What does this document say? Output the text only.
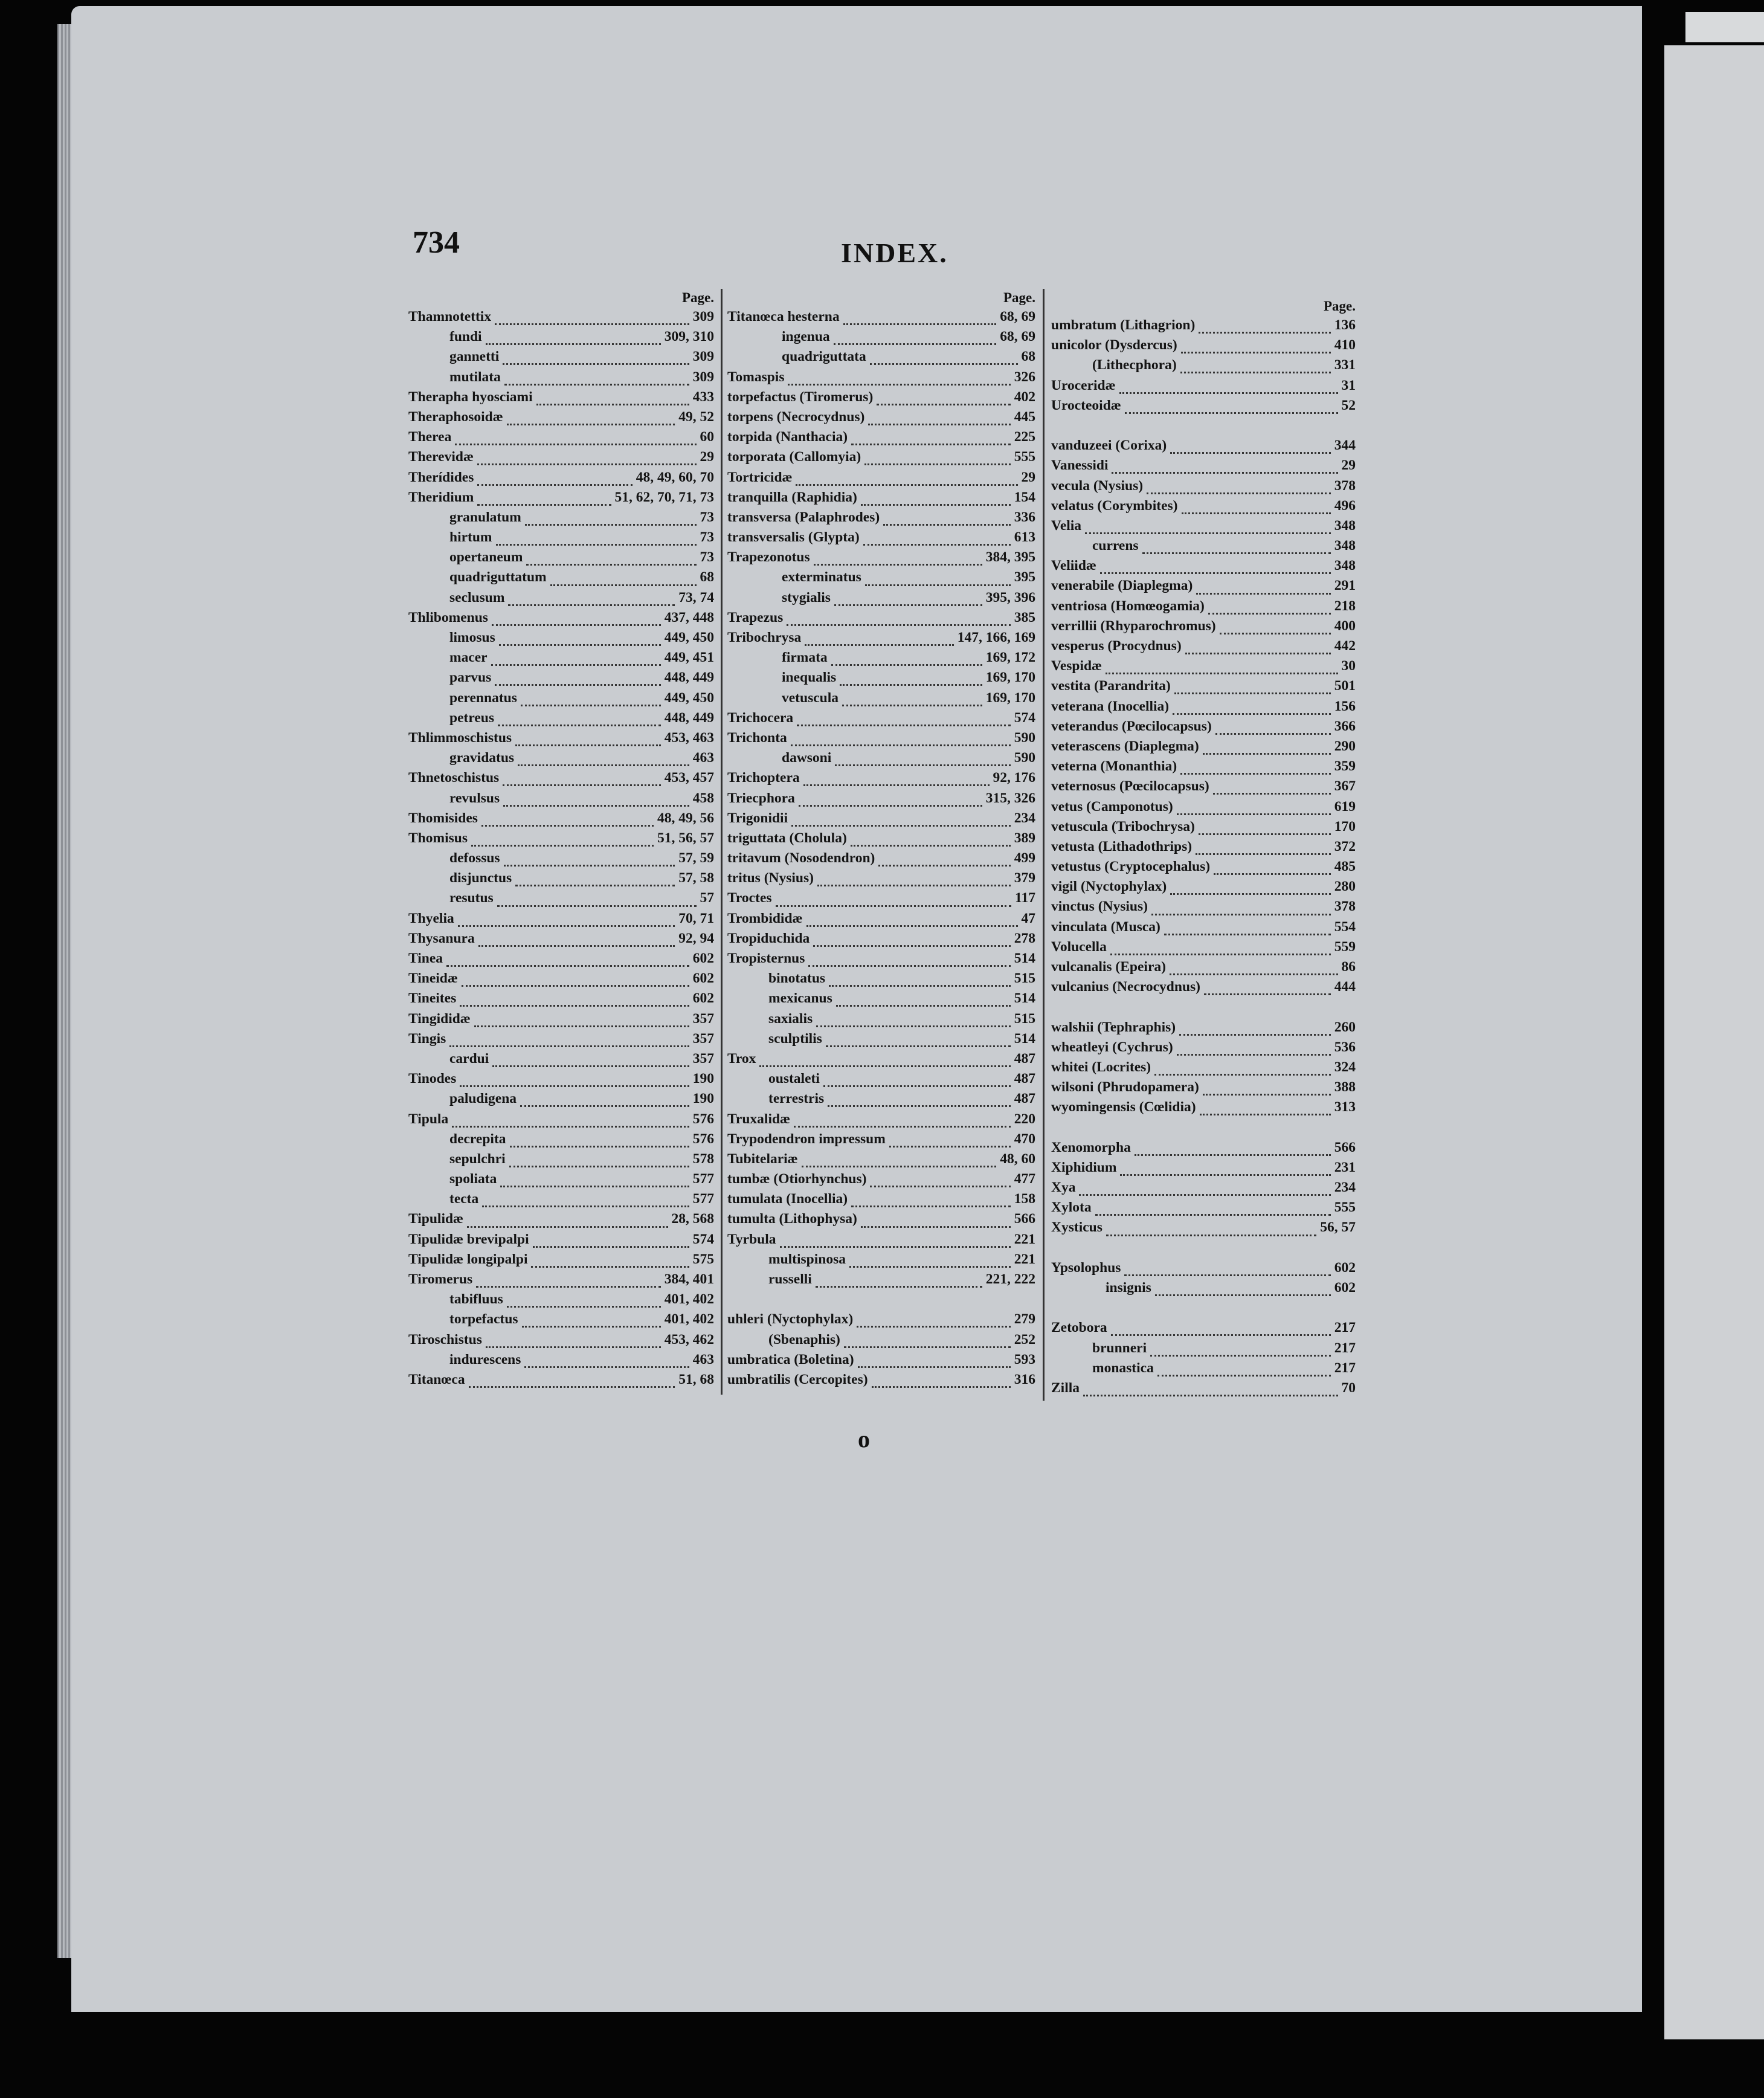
734	INDEX.
Page.
Thamnotettix	309
fundi	309, 310
gannetti	309
mutilata	309
Therapha hyosciami	433
Theraphosoidæ	49, 52
Therea	60
Therevidæ	29
Therídides	48, 49, 60, 70
Theridium	51, 62, 70, 71, 73
granulatum	73
hirtum	73
opertaneum	73
quadriguttatum	68
seclusum	73, 74
Thlibomenus	437, 448
limosus	449, 450
macer	449, 451
parvus	448, 449
perennatus	449, 450
petreus	448, 449
Thlimmoschistus	453, 463
gravidatus	463
Thnetoschistus	453, 457
revulsus	458
Thomisides	48, 49, 56
Thomisus	51, 56, 57
defossus	57, 59
disjunctus	57, 58
resutus	57
Thyelia	70, 71
Thysanura	92, 94
Tinea	602
Tineidæ	602
Tineites	602
Tingididæ	357
Tingis	357
cardui	357
Tinodes	190
paludigena	190
Tipula	576
decrepita	576
sepulchri	578
spoliata	577
tecta	577
Tipulidæ	28, 568
Tipulidæ brevipalpi	574
Tipulidæ longipalpi	575
Tiromerus	384, 401
tabifluus	401, 402
torpefactus	401, 402
Tiroschistus	453, 462
indurescens	463
Titanœca	51, 68
Page.
Titanœca hesterna	68, 69
ingenua	68, 69
quadriguttata	68
Tomaspis	326
torpefactus (Tiromerus)	402
torpens (Necrocydnus)	445
torpida (Nanthacia)	225
torporata (Callomyia)	555
Tortricidæ	29
tranquilla (Raphidia)	154
transversa (Palaphrodes)	336
transversalis (Glypta)	613
Trapezonotus	384, 395
exterminatus	395
stygialis	395, 396
Trapezus	385
Tribochrysa	147, 166, 169
firmata	169, 172
inequalis	169, 170
vetuscula	169, 170
Trichocera	574
Trichonta	590
dawsoni	590
Trichoptera	92, 176
Triecphora	315, 326
Trigonidii	234
triguttata (Cholula)	389
tritavum (Nosodendron)	499
tritus (Nysius)	379
Troctes	117
Trombididæ	47
Tropiduchida	278
Tropisternus	514
binotatus	515
mexicanus	514
saxialis	515
sculptilis	514
Trox	487
oustaleti	487
terrestris	487
Truxalidæ	220
Trypodendron impressum	470
Tubitelariæ	48, 60
tumbæ (Otiorhynchus)	477
tumulata (Inocellia)	158
tumulta (Lithophysa)	566
Tyrbula	221
multispinosa	221
russelli	221, 222
uhleri (Nyctophylax)	279
(Sbenaphis)	252
umbratica (Boletina)	593
umbratilis (Cercopites)	316
Page.
umbratum (Lithagrion)	136
unicolor (Dysdercus)	410
(Lithecphora)	331
Uroceridæ	31
Urocteoidæ	52
vanduzeei (Corixa)	344
Vanessidi	29
vecula (Nysius)	378
velatus (Corymbites)	496
Velia	348
currens	348
Veliidæ	348
venerabile (Diaplegma)	291
ventriosa (Homœogamia)	218
verrillii (Rhyparochromus)	400
vesperus (Procydnus)	442
Vespidæ	30
vestita (Parandrita)	501
veterana (Inocellia)	156
veterandus (Pœcilocapsus)	366
veterascens (Diaplegma)	290
veterna (Monanthia)	359
veternosus (Pœcilocapsus)	367
vetus (Camponotus)	619
vetuscula (Tribochrysa)	170
vetusta (Lithadothrips)	372
vetustus (Cryptocephalus)	485
vigil (Nyctophylax)	280
vinctus (Nysius)	378
vinculata (Musca)	554
Volucella	559
vulcanalis (Epeira)	86
vulcanius (Necrocydnus)	444
walshii (Tephraphis)	260
wheatleyi (Cychrus)	536
whitei (Locrites)	324
wilsoni (Phrudopamera)	388
wyomingensis (Cœlidia)	313
Xenomorpha	566
Xiphidium	231
Xya	234
Xylota	555
Xysticus	56, 57
Ypsolophus	602
insignis	602
Zetobora	217
brunneri	217
monastica	217
Zilla	70
o
